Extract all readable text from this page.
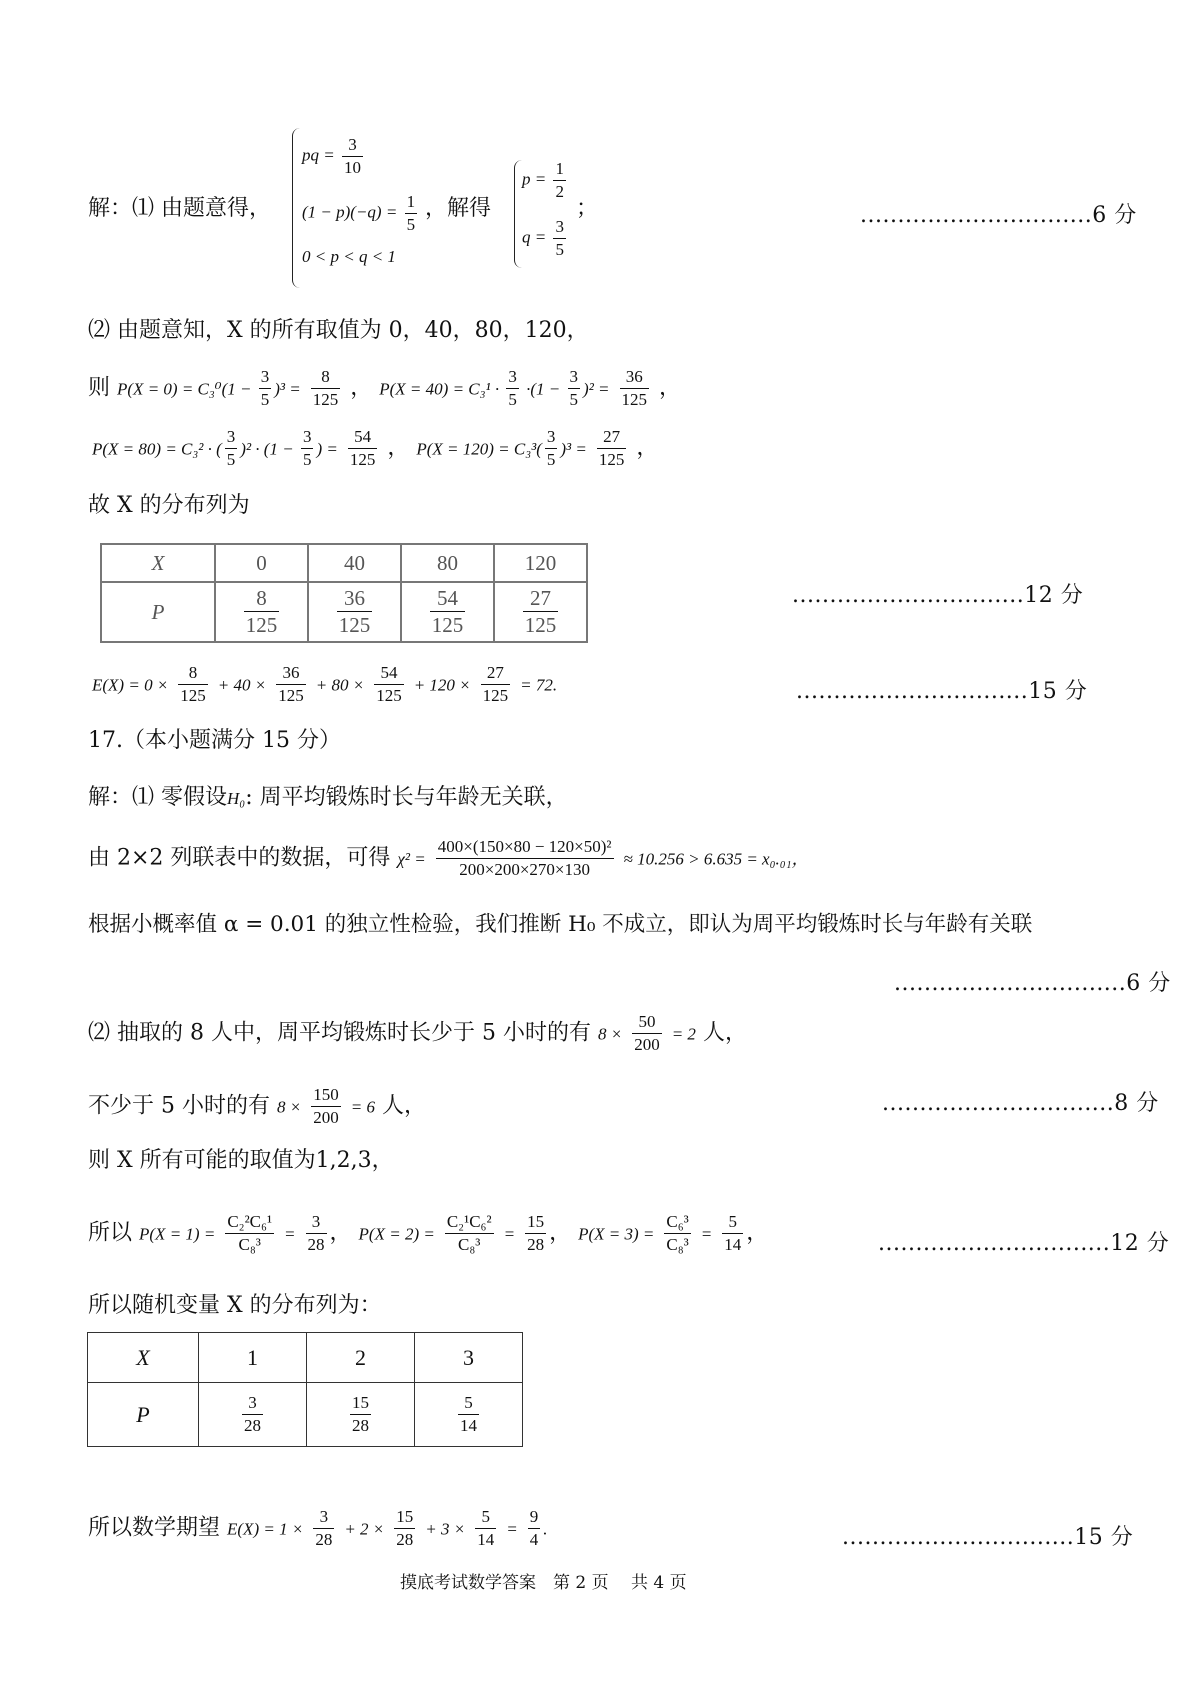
解：⑴ 由题意得，
pq = $\frac{3}{10}$
$(1 - p)(-q) = \frac{1}{5}$ ，解得
0 < p < q < 1
$p = \frac{1}{2}$
$q = \frac{3}{5}$
；	...............................6 分
⑵ 由题意知，X 的所有取值为 0，40，80，120，
则 $P(X = 0) = C_3^0(1 - \frac{3}{5} )^3 = \frac{8}{125}$ ， $P(X = 40) = C_3^1 \cdot \frac{3}{5} \cdot(1 - \frac{3}{5} )^2 = \frac{36}{125}$ ，
P(X = 80) = C₃² · ( $\frac{3}{5} )^2 \cdot (1 - \frac{3}{5}$ ) = $\frac{54}{125}$ ， $P(X = 120) = C_3^3( \frac{3}{5} )^3 = \frac{27}{125}$ ，
故 X 的分布列为
X	0	40	80	120
P	$\frac{8}{125}$	$\frac{36}{125}$	$\frac{54}{125}$	$\frac{27}{125}$	...............................12 分
$E(X) = 0 \times \frac{8}{125} + 40 \times \frac{36}{125} + 80 \times \frac{54}{125} + 120 \times \frac{27}{125} = 72$.	...............................15 分
17.（本小题满分 15 分）
解：⑴ 零假设H₀: 周平均锻炼时长与年龄无关联，
由 2×2 列联表中的数据，可得 $\chi^2 = \frac{\text{400×(150×80 − 120×50)²}}{200\times 200\times 270\times 130} \approx 10.256 > 6.635 = x_0._{01}$，
根据小概率值 α = 0.01 的独立性检验，我们推断 H₀ 不成立，即认为周平均锻炼时长与年龄有关联
...............................6 分
⑵ 抽取的 8 人中，周平均锻炼时长少于 5 小时的有 $8 \times \frac{50}{200} = 2$ 人，
不少于 5 小时的有 $8 \times \frac{150}{200} = 6$ 人，	...............................8 分
则 X 所有可能的取值为1,2,3，
所以 $P(X = 1) = \frac{\text{C₂²C₆¹}}{\text{C₈³}} = \frac{3}{28}$ ， $P(X = 2) = \frac{\text{C₂¹C₆²}}{\text{C₈³}} = \frac{15}{28}$ ， $P(X = 3) = \frac{\text{C₆³}}{\text{C₈³}} = \frac{5}{14}$ ，	...............................12 分
所以随机变量 X 的分布列为：
X	1	2	3
P	$\frac{3}{28}$	$\frac{15}{28}$	$\frac{5}{14}$
所以数学期望 $E(X) = 1 \times \frac{3}{28} + 2 \times \frac{15}{28} + 3 \times \frac{5}{14} = \frac{9}{4}$ .	...............................15 分
摸底考试数学答案　第 2 页　 共 4 页
